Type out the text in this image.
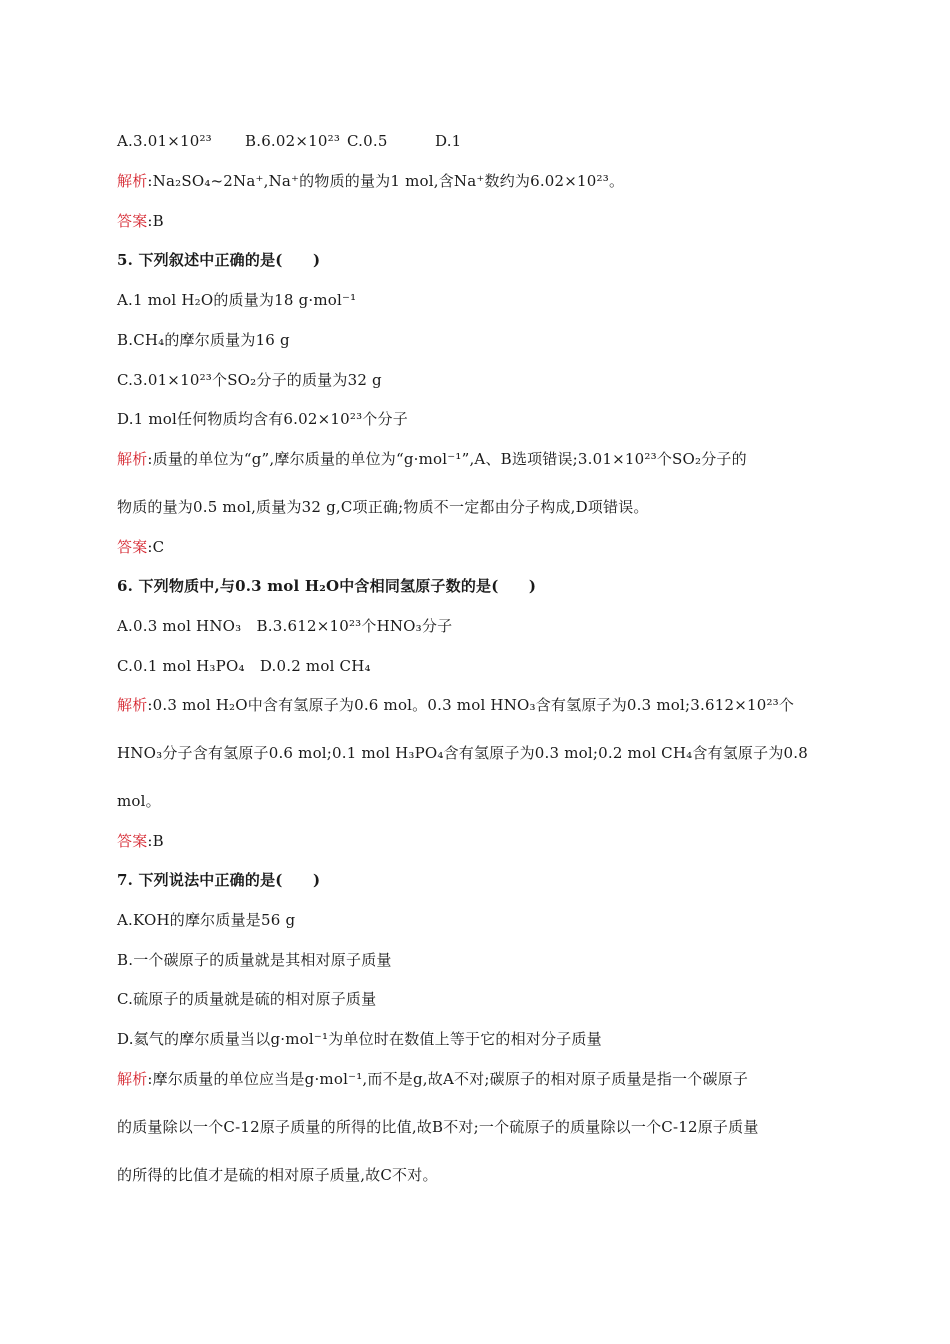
A.3.01×10²³ B.6.02×10²³ C.0.5	D.1
解析:Na₂SO₄~2Na⁺,Na⁺的物质的量为1 mol,含Na⁺数约为6.02×10²³。
答案:B
5. 下列叙述中正确的是(　　)
A.1 mol H₂O的质量为18 g·mol⁻¹
B.CH₄的摩尔质量为16 g
C.3.01×10²³个SO₂分子的质量为32 g
D.1 mol任何物质均含有6.02×10²³个分子
解析:质量的单位为“g”,摩尔质量的单位为“g·mol⁻¹”,A、B选项错误;3.01×10²³个SO₂分子的
物质的量为0.5 mol,质量为32 g,C项正确;物质不一定都由分子构成,D项错误。
答案:C
6. 下列物质中,与0.3 mol H₂O中含相同氢原子数的是(　　)
A.0.3 mol HNO₃　B.3.612×10²³个HNO₃分子
C.0.1 mol H₃PO₄　D.0.2 mol CH₄
解析:0.3 mol H₂O中含有氢原子为0.6 mol。0.3 mol HNO₃含有氢原子为0.3 mol;3.612×10²³个
HNO₃分子含有氢原子0.6 mol;0.1 mol H₃PO₄含有氢原子为0.3 mol;0.2 mol CH₄含有氢原子为0.8
mol。
答案:B
7. 下列说法中正确的是(　　)
A.KOH的摩尔质量是56 g
B.一个碳原子的质量就是其相对原子质量
C.硫原子的质量就是硫的相对原子质量
D.氦气的摩尔质量当以g·mol⁻¹为单位时在数值上等于它的相对分子质量
解析:摩尔质量的单位应当是g·mol⁻¹,而不是g,故A不对;碳原子的相对原子质量是指一个碳原子
的质量除以一个C-12原子质量的所得的比值,故B不对;一个硫原子的质量除以一个C-12原子质量
的所得的比值才是硫的相对原子质量,故C不对。
